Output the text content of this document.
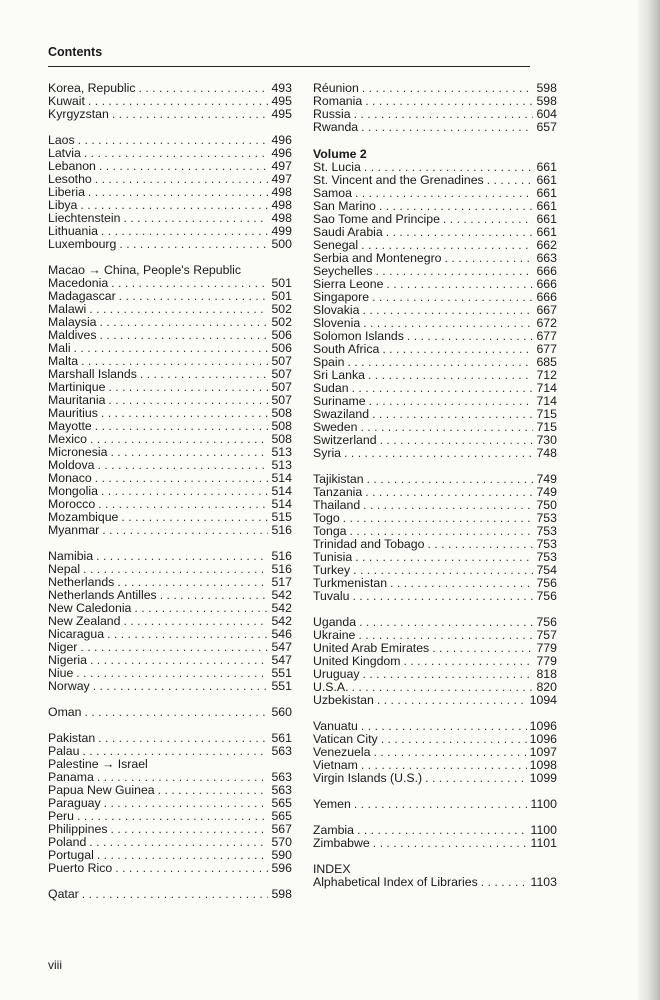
Contents
Korea, Republic . . .	493
Kuwait . . .	495
Kyrgyzstan . . .	495
Laos . . .	496
Latvia . . .	496
Lebanon . . .	497
Lesotho . . .	497
Liberia . . .	498
Libya . . .	498
Liechtenstein . . .	498
Lithuania . . .	499
Luxembourg . . .	500
Macao → China, People's Republic
Macedonia . . .	501
Madagascar . . .	501
Malawi . . .	502
Malaysia . . .	502
Maldives . . .	506
Mali . . .	506
Malta . . .	507
Marshall Islands . . .	507
Martinique . . .	507
Mauritania . . .	507
Mauritius . . .	508
Mayotte . . .	508
Mexico . . .	508
Micronesia . . .	513
Moldova . . .	513
Monaco . . .	514
Mongolia . . .	514
Morocco . . .	514
Mozambique . . .	515
Myanmar . . .	516
Namibia . . .	516
Nepal . . .	516
Netherlands . . .	517
Netherlands Antilles . . .	542
New Caledonia . . .	542
New Zealand . . .	542
Nicaragua . . .	546
Niger . . .	547
Nigeria . . .	547
Niue . . .	551
Norway . . .	551
Oman . . .	560
Pakistan . . .	561
Palau . . .	563
Palestine → Israel
Panama . . .	563
Papua New Guinea . . .	563
Paraguay . . .	565
Peru . . .	565
Philippines . . .	567
Poland . . .	570
Portugal . . .	590
Puerto Rico . . .	596
Qatar . . .	598
Réunion . . .	598
Romania . . .	598
Russia . . .	604
Rwanda . . .	657
Volume 2
St. Lucia . . .	661
St. Vincent and the Grenadines . . .	661
Samoa . . .	661
San Marino . . .	661
Sao Tome and Principe . . .	661
Saudi Arabia . . .	661
Senegal . . .	662
Serbia and Montenegro . . .	663
Seychelles . . .	666
Sierra Leone . . .	666
Singapore . . .	666
Slovakia . . .	667
Slovenia . . .	672
Solomon Islands . . .	677
South Africa . . .	677
Spain . . .	685
Sri Lanka . . .	712
Sudan . . .	714
Suriname . . .	714
Swaziland . . .	715
Sweden . . .	715
Switzerland . . .	730
Syria . . .	748
Tajikistan . . .	749
Tanzania . . .	749
Thailand . . .	750
Togo . . .	753
Tonga . . .	753
Trinidad and Tobago . . .	753
Tunisia . . .	753
Turkey . . .	754
Turkmenistan . . .	756
Tuvalu . . .	756
Uganda . . .	756
Ukraine . . .	757
United Arab Emirates . . .	779
United Kingdom . . .	779
Uruguay . . .	818
U.S.A. . . .	820
Uzbekistan . . .	1094
Vanuatu . . .	1096
Vatican City . . .	1096
Venezuela . . .	1097
Vietnam . . .	1098
Virgin Islands (U.S.) . . .	1099
Yemen . . .	1100
Zambia . . .	1100
Zimbabwe . . .	1101
INDEX
Alphabetical Index of Libraries . . .	1103
viii
